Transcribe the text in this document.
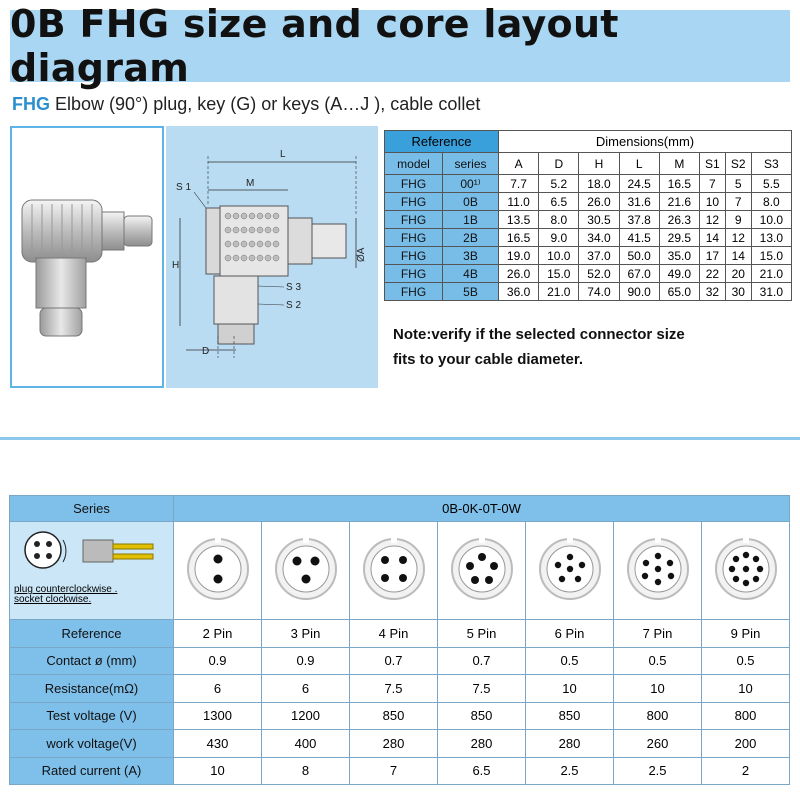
0B FHG size and core layout diagram
FHG Elbow (90°) plug, key (G) or keys (A…J ), cable collet
L
M
S 1
H
ØA
S 3
S 2
D
Reference		Dimensions(mm)							
model	series	A	D	H	L	M	S1	S2	S3
FHG	00¹⁾	7.7	5.2	18.0	24.5	16.5	7	5	5.5
FHG	0B	11.0	6.5	26.0	31.6	21.6	10	7	8.0
FHG	1B	13.5	8.0	30.5	37.8	26.3	12	9	10.0
FHG	2B	16.5	9.0	34.0	41.5	29.5	14	12	13.0
FHG	3B	19.0	10.0	37.0	50.0	35.0	17	14	15.0
FHG	4B	26.0	15.0	52.0	67.0	49.0	22	20	21.0
FHG	5B	36.0	21.0	74.0	90.0	65.0	32	30	31.0
Note:verify if the selected connector size
fits to your cable diameter.
Series	0B-0K-0T-0W						

plug counterclockwise .
socket clockwise.

Reference	2 Pin	3 Pin	4 Pin	5 Pin	6 Pin	7 Pin	9 Pin
Contact ø (mm)	0.9	0.9	0.7	0.7	0.5	0.5	0.5
Resistance(mΩ)	6	6	7.5	7.5	10	10	10
Test voltage (V)	1300	1200	850	850	850	800	800
work voltage(V)	430	400	280	280	280	260	200
Rated current (A)	10	8	7	6.5	2.5	2.5	2
